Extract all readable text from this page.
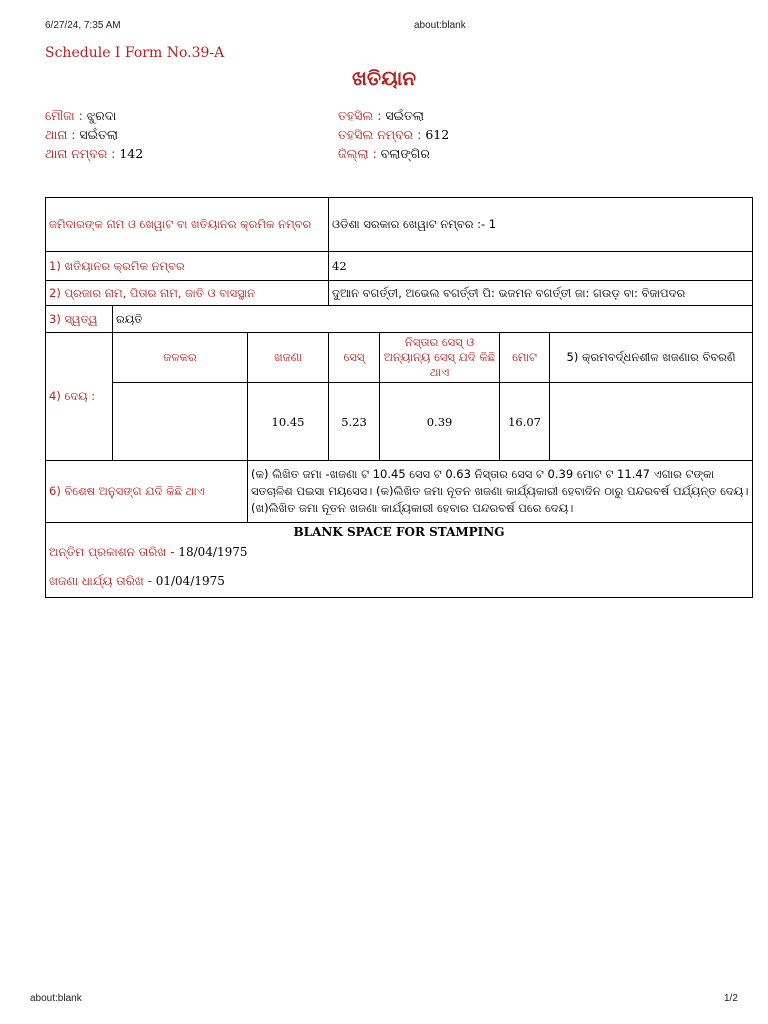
6/27/24, 7:35 AM	about:blank
Schedule I Form No.39-A
ଖତିୟାନ
ମୌଜା : ଝୁରଦା
ଥାନା : ସଇଁତଲା
ଥାନା ନମ୍ବର : 142
ତହସିଲ : ସଇଁତଲା
ତହସିଲ ନମ୍ବର : 612
ଜିଲ୍ଲା : ବଲାଙ୍ଗିର
ଜମିଦାରଙ୍କ ନାମ ଓ ଖେୱାଟ ବା ଖତିୟାନର କ୍ରମିକ ନମ୍ବର			ଓଡିଶା ସରକାର ଖେୱାଟ ନମ୍ବର :- 1			
1) ଖତିୟାନର କ୍ରମିକ ନମ୍ବର			42			
2) ପ୍ରଜାର ନାମ, ପିତାର ନାମ, ଜାତି ଓ ବାସସ୍ଥାନ			ଦୁଆନ ବଗର୍ତ୍ତୀ, ଅଭେଲ ବଗର୍ତ୍ତୀ ପି: ଭଜମନ ବଗର୍ତ୍ତୀ ଜା: ଗଉଡ଼ ବା: ବିଜାପଦର			
3) ସ୍ୱତ୍ୱ	ରୟତି					
4) ଦେୟ :	ଜଳକର	ଖଜଣା	ସେସ୍	ନିସ୍ତାର ସେସ୍ ଓ ଅନ୍ୟାନ୍ୟ ସେସ୍ ଯଦି କିଛି ଥାଏ	ମୋଟ	5) କ୍ରମବର୍ଦ୍ଧନଶୀଳ ଖଜଣାର ବିବରଣି
		10.45	5.23	0.39	16.07	
6) ବିଶେଷ ଅନୁସଙ୍ଗ ଯଦି କିଛି ଥାଏ		(କ) ଲିଖିତ ଜମା -ଖଜଣା ଟ 10.45 ସେସ ଟ 0.63 ନିସ୍ତାର ସେସ ଟ 0.39 ମୋଟ ଟ 11.47 ଏଗାର ଟଙ୍କା ସତଚାଳିଶ ପଇସା ମୟସେସ। (କ)ଲିଖିତ ଜମା ନୂତନ ଖଜଣା କାର୍ଯ୍ୟକାରୀ ହେବାଦିନ ଠାରୁ ପନ୍ଦରବର୍ଷ ପର୍ଯ୍ୟନ୍ତ ଦେୟ। (ଖ)ଲିଖିତ ଜମା ନୂତନ ଖଜଣା କାର୍ଯ୍ୟକାରୀ ହେବାର ପନ୍ଦରବର୍ଷ ପରେ ଦେୟ।				

BLANK SPACE FOR STAMPING
ଅନ୍ତିମ ପ୍ରକାଶନ ତାରିଖ - 18/04/1975
ଖଜଣା ଧାର୍ଯ୍ୟ ତାରିଖ - 01/04/1975						
about:blank	1/2
